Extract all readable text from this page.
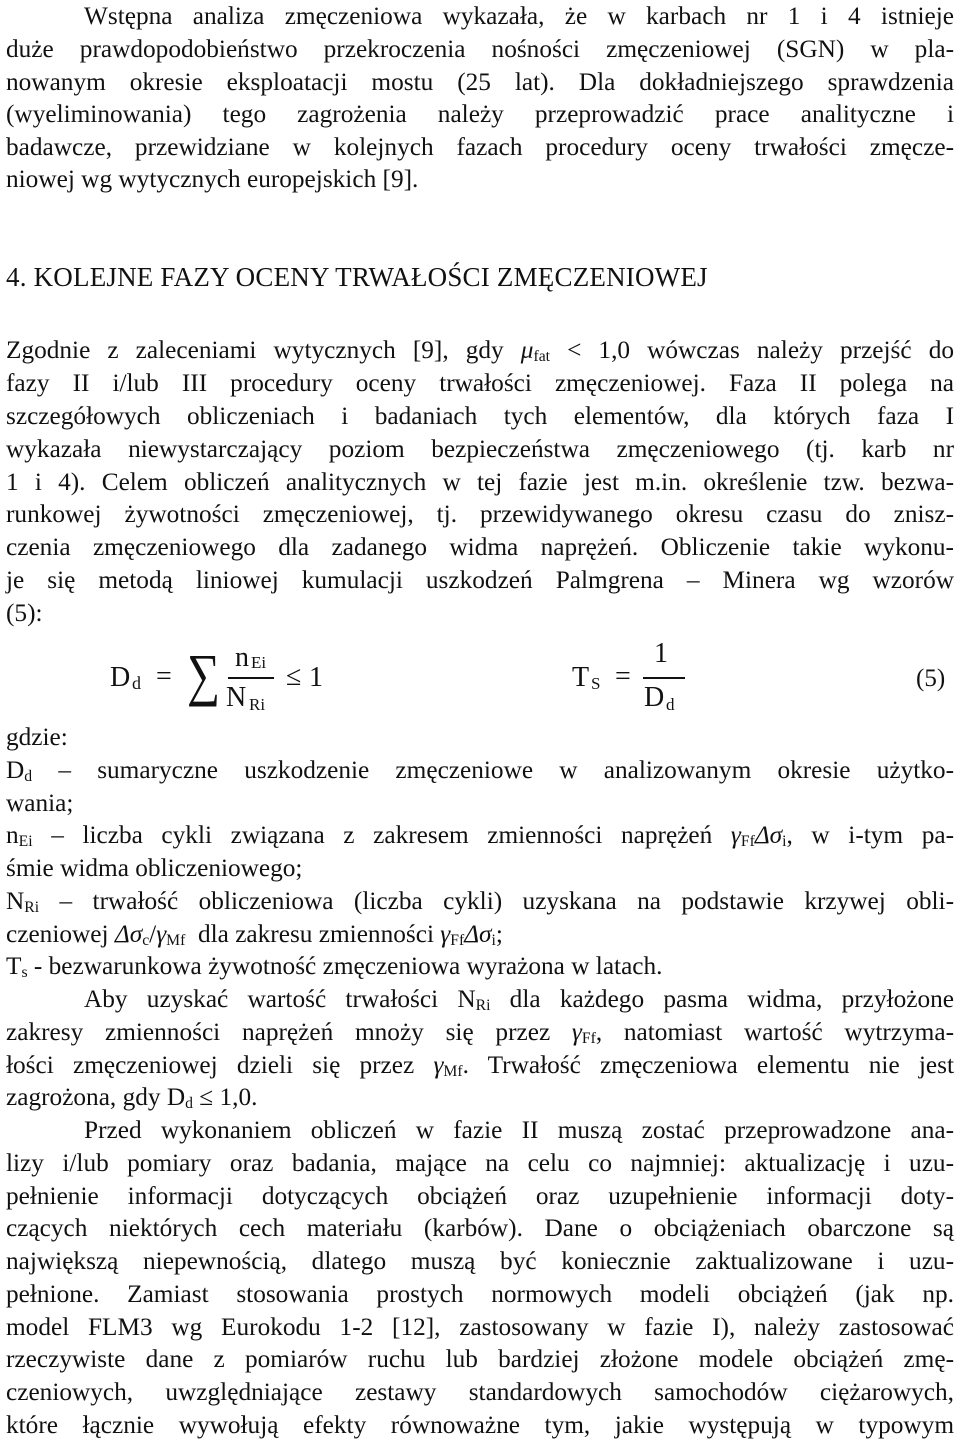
Wstępna analiza zmęczeniowa wykazała, że w karbach nr 1 i 4 istnieje
duże prawdopodobieństwo przekroczenia nośności zmęczeniowej (SGN) w pla-
nowanym okresie eksploatacji mostu (25 lat). Dla dokładniejszego sprawdzenia
(wyeliminowania) tego zagrożenia należy przeprowadzić prace analityczne i
badawcze, przewidziane w kolejnych fazach procedury oceny trwałości zmęcze-
niowej wg wytycznych europejskich [9].
4. KOLEJNE FAZY OCENY TRWAŁOŚCI ZMĘCZENIOWEJ
Zgodnie z zaleceniami wytycznych [9], gdy μfat < 1,0 wówczas należy przejść do
fazy II i/lub III procedury oceny trwałości zmęczeniowej. Faza II polega na
szczegółowych obliczeniach i badaniach tych elementów, dla których faza I
wykazała niewystarczający poziom bezpieczeństwa zmęczeniowego (tj. karb nr
1 i 4). Celem obliczeń analitycznych w tej fazie jest m.in. określenie tzw. bezwa-
runkowej żywotności zmęczeniowej, tj. przewidywanego okresu czasu do znisz-
czenia zmęczeniowego dla zadanego widma naprężeń. Obliczenie takie wykonu-
je się metodą liniowej kumulacji uszkodzeń Palmgrena – Minera wg wzorów
(5):
D d = ∑ n Ei
N Ri
≤ 1	T S =
1
D d
(5)
gdzie:
Dd – sumaryczne uszkodzenie zmęczeniowe w analizowanym okresie użytko-
wania;
nEi – liczba cykli związana z zakresem zmienności naprężeń γFfΔσi, w i-tym pa-
śmie widma obliczeniowego;
NRi – trwałość obliczeniowa (liczba cykli) uzyskana na podstawie krzywej obli-
czeniowej Δσc/γMf  dla zakresu zmienności γFfΔσi;
Ts - bezwarunkowa żywotność zmęczeniowa wyrażona w latach.
Aby uzyskać wartość trwałości NRi dla każdego pasma widma, przyłożone
zakresy zmienności naprężeń mnoży się przez γFf, natomiast wartość wytrzyma-
łości zmęczeniowej dzieli się przez γMf. Trwałość zmęczeniowa elementu nie jest
zagrożona, gdy Dd ≤ 1,0.
Przed wykonaniem obliczeń w fazie II muszą zostać przeprowadzone ana-
lizy i/lub pomiary oraz badania, mające na celu co najmniej: aktualizację i uzu-
pełnienie informacji dotyczących obciążeń oraz uzupełnienie informacji doty-
czących niektórych cech materiału (karbów). Dane o obciążeniach obarczone są
największą niepewnością, dlatego muszą być koniecznie zaktualizowane i uzu-
pełnione. Zamiast stosowania prostych normowych modeli obciążeń (jak np.
model FLM3 wg Eurokodu 1-2 [12], zastosowany w fazie I), należy zastosować
rzeczywiste dane z pomiarów ruchu lub bardziej złożone modele obciążeń zmę-
czeniowych, uwzględniające zestawy standardowych samochodów ciężarowych,
które łącznie wywołują efekty równoważne tym, jakie występują w typowym
